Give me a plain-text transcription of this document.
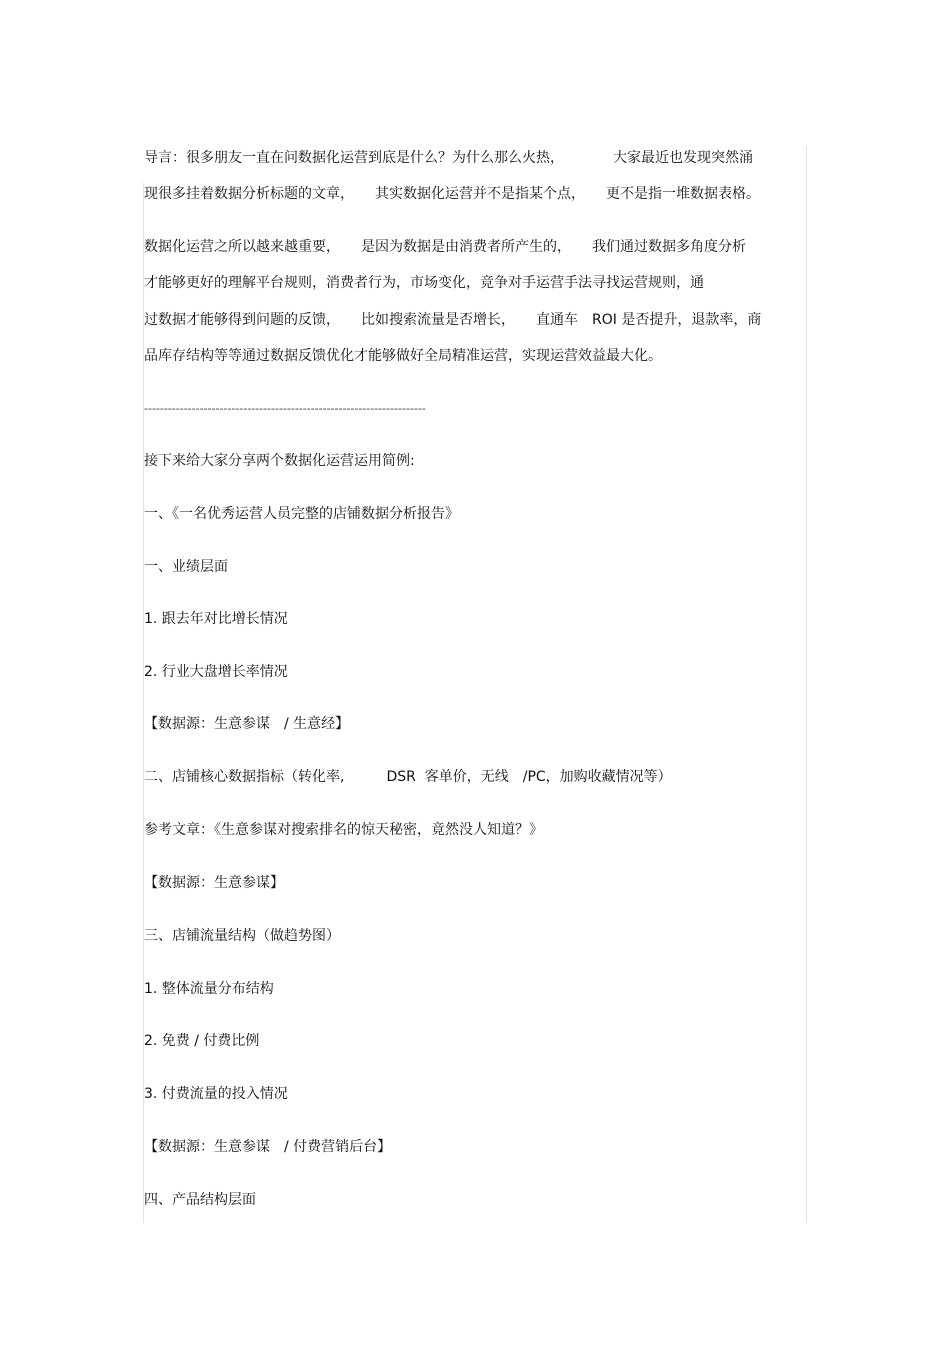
导言：很多朋友一直在问数据化运营到底是什么？为什么那么火热，　　　　大家最近也发现突然涌
现很多挂着数据分析标题的文章，　　其实数据化运营并不是指某个点，　　更不是指一堆数据表格。
数据化运营之所以越来越重要，　　是因为数据是由消费者所产生的，　　我们通过数据多角度分析
才能够更好的理解平台规则，消费者行为，市场变化，竞争对手运营手法寻找运营规则，通
过数据才能够得到问题的反馈，　　比如搜索流量是否增长，　　直通车　ROI 是否提升，退款率，商
品库存结构等等通过数据反馈优化才能够做好全局精准运营，实现运营效益最大化。
-----------------------------------------------------------------------
接下来给大家分享两个数据化运营运用简例:
一、《一名优秀运营人员完整的店铺数据分析报告》
一、业绩层面
1. 跟去年对比增长情况
2. 行业大盘增长率情况
【数据源：生意参谋　/ 生意经】
二、店铺核心数据指标（转化率,　　　DSR  客单价，无线　/PC，加购收藏情况等）
参考文章：《生意参谋对搜索排名的惊天秘密，竟然没人知道？》
【数据源：生意参谋】
三、店铺流量结构（做趋势图）
1. 整体流量分布结构
2. 免费 / 付费比例
3. 付费流量的投入情况
【数据源：生意参谋　/ 付费营销后台】
四、产品结构层面
